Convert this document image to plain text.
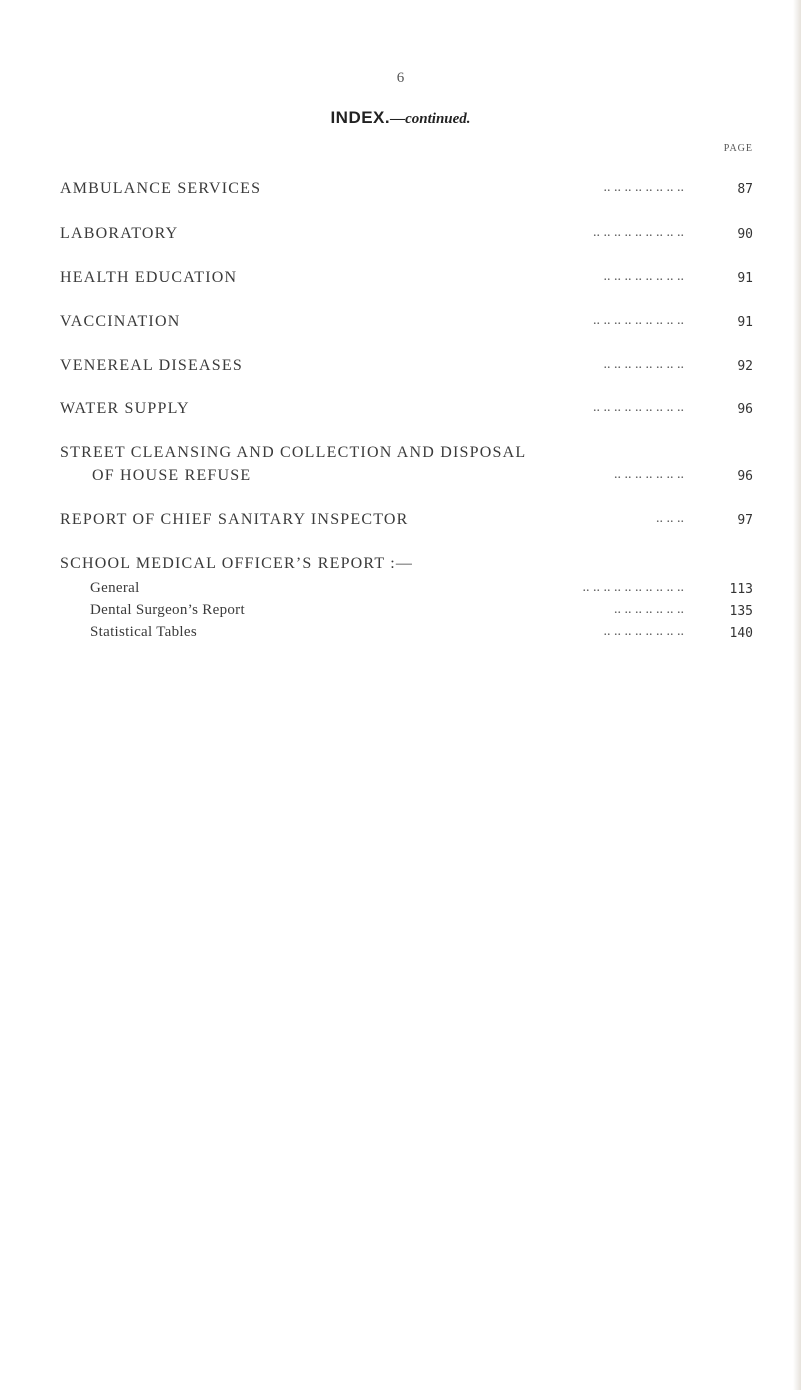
6
INDEX.—continued.
PAGE
AMBULANCE SERVICES	.. .. .. .. .. .. .. ..	87
LABORATORY	.. .. .. .. .. .. .. .. ..	90
HEALTH EDUCATION	.. .. .. .. .. .. .. ..	91
VACCINATION	.. .. .. .. .. .. .. .. ..	91
VENEREAL DISEASES	.. .. .. .. .. .. .. ..	92
WATER SUPPLY	.. .. .. .. .. .. .. .. ..	96
STREET CLEANSING AND COLLECTION AND DISPOSAL
OF HOUSE REFUSE	.. .. .. .. .. .. ..	96
REPORT OF CHIEF SANITARY INSPECTOR	.. .. ..	97
SCHOOL MEDICAL OFFICER’S REPORT :—
General	.. .. .. .. .. .. .. .. .. ..	113
Dental Surgeon’s Report	.. .. .. .. .. .. ..	135
Statistical Tables	.. .. .. .. .. .. .. ..	140
